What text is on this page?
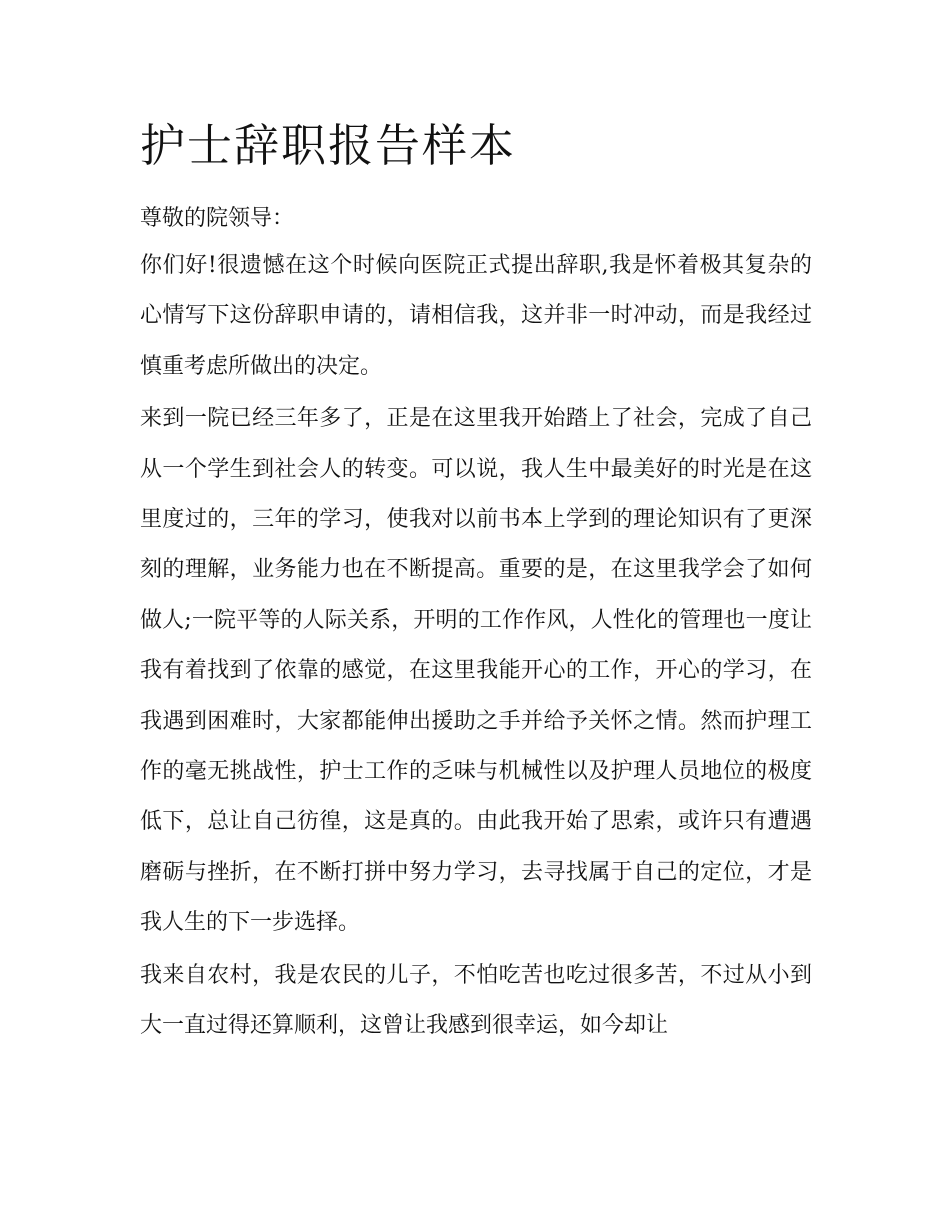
护士辞职报告样本

尊敬的院领导：

你们好!很遗憾在这个时候向医院正式提出辞职,我是怀着极其复杂的心情写下这份辞职申请的，请相信我，这并非一时冲动，而是我经过慎重考虑所做出的决定。

来到一院已经三年多了，正是在这里我开始踏上了社会，完成了自己从一个学生到社会人的转变。可以说，我人生中最美好的时光是在这里度过的，三年的学习，使我对以前书本上学到的理论知识有了更深刻的理解，业务能力也在不断提高。重要的是，在这里我学会了如何做人;一院平等的人际关系，开明的工作作风，人性化的管理也一度让我有着找到了依靠的感觉，在这里我能开心的工作，开心的学习，在我遇到困难时，大家都能伸出援助之手并给予关怀之情。然而护理工作的毫无挑战性，护士工作的乏味与机械性以及护理人员地位的极度低下，总让自己彷徨，这是真的。由此我开始了思索，或许只有遭遇磨砺与挫折，在不断打拼中努力学习，去寻找属于自己的定位，才是我人生的下一步选择。

我来自农村，我是农民的儿子，不怕吃苦也吃过很多苦，不过从小到大一直过得还算顺利，这曾让我感到很幸运，如今却让
